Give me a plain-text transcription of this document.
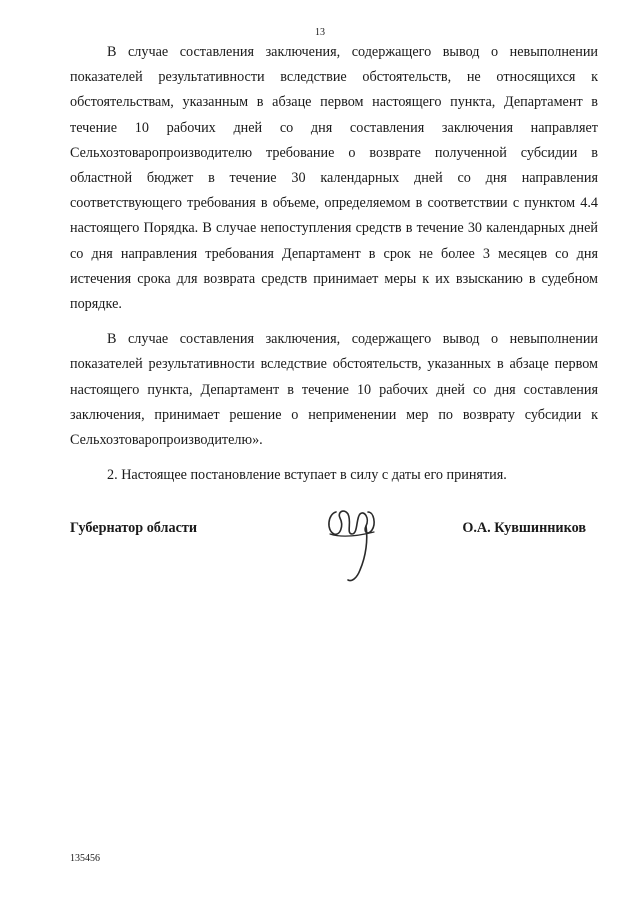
13

В случае составления заключения, содержащего вывод о невыполнении показателей результативности вследствие обстоятельств, не относящихся к обстоятельствам, указанным в абзаце первом настоящего пункта, Департамент в течение 10 рабочих дней со дня составления заключения направляет Сельхозтоваропроизводителю требование о возврате полученной субсидии в областной бюджет в течение 30 календарных дней со дня направления соответствующего требования в объеме, определяемом в соответствии с пунктом 4.4 настоящего Порядка. В случае непоступления средств в течение 30 календарных дней со дня направления требования Департамент в срок не более 3 месяцев со дня истечения срока для возврата средств принимает меры к их взысканию в судебном порядке.

В случае составления заключения, содержащего вывод о невыполнении показателей результативности вследствие обстоятельств, указанных в абзаце первом настоящего пункта, Департамент в течение 10 рабочих дней со дня составления заключения, принимает решение о неприменении мер по возврату субсидии к Сельхозтоваропроизводителю».

2. Настоящее постановление вступает в силу с даты его принятия.

Губернатор области	О.А. Кувшинников
135456
